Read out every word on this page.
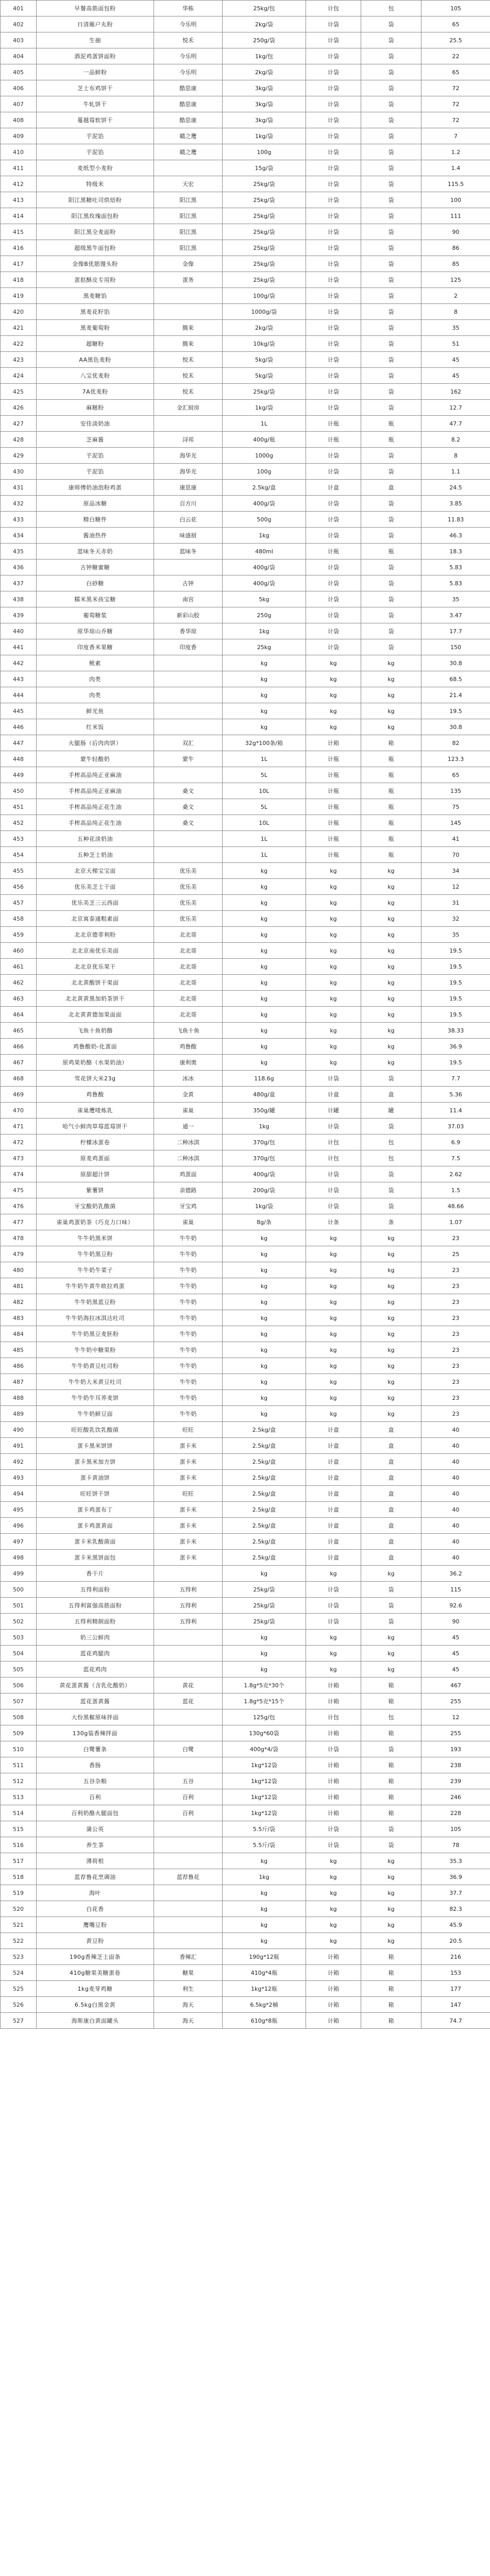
401	早餐高筋面包粉	华栋	25kg/包	计包	包	105
402	日清雁户丸粉	今乐明	2kg/袋	计袋	袋	65
403	生抽	悦禾	250g/袋	计袋	袋	25.5
404	酒泥鸡蛋饼面粉	今乐明	1kg/包	计袋	袋	22
405	一品鲜粉	今乐明	2kg/袋	计袋	袋	65
406	芝士布鸡饼干	酷思康	3kg/袋	计袋	袋	72
407	牛轧饼干	酷思康	3kg/袋	计袋	袋	72
408	蔓越莓软饼干	酷思康	3kg/袋	计袋	袋	72
409	芋泥馅	赣之鹰	1kg/袋	计袋	袋	7
410	芋泥馅	赣之鹰	100g	计袋	袋	1.2
411	麦纸型小麦粉		15g/袋	计袋	袋	1.4
412	特级米	天宏	25kg/袋	计袋	袋	115.5
413	阳江黑糖吐司烘焙粉	阳江黑	25kg/袋	计袋	袋	100
414	阳江黑玫瑰面包粉	阳江黑	25kg/袋	计袋	袋	111
415	阳江黑全麦面粉	阳江黑	25kg/袋	计袋	袋	90
416	超级黑牛面包粉	阳江黑	25kg/袋	计袋	袋	86
417	金像B优筋馒头粉	金像	25kg/袋	计袋	袋	85
418	蛋挞酥皮专用粉	蛋务	25kg/袋	计袋	袋	125
419	黑麦糖馅		100g/袋	计袋	袋	2
420	黑麦花籽馅		1000g/袋	计袋	袋	8
421	黑麦葡萄粉	腾来	2kg/袋	计袋	袋	35
422	超糖粉	腾来	10kg/袋	计袋	袋	51
423	AA黑色麦粉	悦禾	5kg/袋	计袋	袋	45
424	八宝优麦粉	悦禾	5kg/袋	计袋	袋	45
425	7A优麦粉	悦禾	25kg/袋	计袋	袋	162
426	麻糍粉	金汇厨房	1kg/袋	计袋	袋	12.7
427	安佳淡奶油		1L	计瓶	瓶	47.7
428	芝麻酱	浔邦	400g/瓶	计瓶	瓶	8.2
429	芋泥馅	海华光	1000g	计袋	袋	8
430	芋泥馅	海华光	100g	计袋	袋	1.1
431	康师傅奶油泡粉鸡蛋	康思康	2.5kg/盒	计盒	盒	24.5
432	原品冰糖	百方川	400g/袋	计袋	袋	3.85
433	精白糖件	白云花	500g	计袋	袋	11.83
434	酱油热件	味盛厨	1kg	计袋	袋	46.3
435	蓝味冬天赤奶	蓝味冬	480ml	计瓶	瓶	18.3
436	古钟糖蜜糖		400g/袋	计袋	袋	5.83
437	白砂糖	古钟	400g/袋	计袋	袋	5.83
438	糯米黑米孩宝糖	南宫	5kg	计袋	袋	35
439	葡萄糖浆	新彩山胶	250g	计袋	袋	3.47
440	原华琼山乔糖	香华琼	1kg	计袋	袋	17.7
441	印度香米果糖	印度香	25kg	计袋	袋	150
442	鱿素		kg	kg	kg	30.8
443	肉类		kg	kg	kg	68.5
444	肉类		kg	kg	kg	21.4
445	鲜光鱼		kg	kg	kg	19.5
446	红米饭		kg	kg	kg	30.8
447	火腿肠（后肉肉饼）	双汇	32g*100条/箱	计箱	箱	82
448	蒙牛轻酸奶	蒙牛	1L	计瓶	瓶	123.3
449	手榨高品纯正亚麻油		5L	计瓶	瓶	65
450	手榨高品纯正亚麻油	桑文	10L	计瓶	瓶	135
451	手榨高品纯正花生油	桑文	5L	计瓶	瓶	75
452	手榨高品纯正花生油	桑文	10L	计瓶	瓶	145
453	五种花淡奶油		1L	计瓶	瓶	41
454	五种芝士奶油		1L	计瓶	瓶	70
455	北京天梯宝宝面	优乐美	kg	kg	kg	34
456	优乐美芝士干面	优乐美	kg	kg	kg	12
457	优乐美芝三云西面	优乐美	kg	kg	kg	31
458	北京寓泰通粗素面	优乐美	kg	kg	kg	32
459	北北京德菲利粉	北北哥	kg	kg	kg	35
460	北北京南优乐美面	北北哥	kg	kg	kg	19.5
461	北北京优乐果干	北北哥	kg	kg	kg	19.5
462	北北黄酸饼干果面	北北哥	kg	kg	kg	19.5
463	北北黄黄黑加奶茶饼干	北北哥	kg	kg	kg	19.5
464	北北黄黄德加果面面	北北哥	kg	kg	kg	19.5
465	飞鱼十鱼奶酪	飞鱼十鱼	kg	kg	kg	38.33
466	鸡鲁酸奶-化蛋面	鸡鲁酸	kg	kg	kg	36.9
467	原鸡果奶酪（水果奶油）	康利奥	kg	kg	kg	19.5
468	雪花饼大米23g	冰冰	118.6g	计袋	袋	7.7
469	鸡鲁酸	金黄	480g/盒	计盒	盒	5.36
470	雀巢鹰唛炼乳	雀巢	350g/罐	计罐	罐	11.4
471	哈气小鲜肉草莓蓝莓饼干	通一	1kg	计袋	袋	37.03
472	柠檬冰蛋卷	二种冰淇	370g/包	计包	包	6.9
473	原麦鸡蛋面	二种冰淇	370g/包	计包	包	7.5
474	原甜超汁饼	鸡蛋面	400g/袋	计袋	袋	2.62
475	紫薯饼	亲德路	200g/袋	计袋	袋	1.5
476	牙宝酸奶乳酸菌	牙宝鸡	1kg/袋	计袋	袋	48.66
477	雀巢鸡蛋奶茶（巧克力口味）	雀巢	8g/条	计条	条	1.07
478	牛牛奶黑米饼	牛牛奶	kg	kg	kg	23
479	牛牛奶黑豆粉	牛牛奶	kg	kg	kg	25
480	牛牛奶牛菜子	牛牛奶	kg	kg	kg	23
481	牛牛奶牛黄牛欧拉鸡蛋	牛牛奶	kg	kg	kg	23
482	牛牛奶黑蓝豆粉	牛牛奶	kg	kg	kg	23
483	牛牛奶海拉冰淇达吐司	牛牛奶	kg	kg	kg	23
484	牛牛奶黑豆麦胚粉	牛牛奶	kg	kg	kg	23
485	牛牛奶中糖果粉	牛牛奶	kg	kg	kg	23
486	牛牛奶黄豆吐司粉	牛牛奶	kg	kg	kg	23
487	牛牛奶大米黄豆吐司	牛牛奶	kg	kg	kg	23
488	牛牛奶牛耳荞麦饼	牛牛奶	kg	kg	kg	23
489	牛牛奶鲜豆面	牛牛奶	kg	kg	kg	23
490	旺旺酸乳饮乳酸菌	旺旺	2.5kg/盒	计盒	盒	40
491	蛋卡黑米饼饼	蛋卡米	2.5kg/盒	计盒	盒	40
492	蛋卡黑米加方饼	蛋卡米	2.5kg/盒	计盒	盒	40
493	蛋卡黄油饼	蛋卡米	2.5kg/盒	计盒	盒	40
494	旺旺饼干饼	旺旺	2.5kg/盒	计盒	盒	40
495	蛋卡鸡蛋布丁	蛋卡米	2.5kg/盒	计盒	盒	40
496	蛋卡鸡蛋黄面	蛋卡米	2.5kg/盒	计盒	盒	40
497	蛋卡米乳酸菌面	蛋卡米	2.5kg/盒	计盒	盒	40
498	蛋卡米黑饼面包	蛋卡米	2.5kg/盒	计盒	盒	40
499	香干片		kg	kg	kg	36.2
500	五得利面粉	五得利	25kg/袋	计袋	袋	115
501	五得利富强高筋面粉	五得利	25kg/袋	计袋	袋	92.6
502	五得利精制面粉	五得利	25kg/袋	计袋	袋	90
503	奶三公鲜肉		kg	kg	kg	45
504	蓝花鸡腿肉		kg	kg	kg	45
505	蓝花鸡肉		kg	kg	kg	45
506	黄花蛋黄酱（含乳化酸奶）	黄花	1.8g*5克*30个	计箱	箱	467
507	蓝花蛋黄酱	蓝花	1.8g*5克*15个	计箱	箱	255
508	大份黑椒原味拌面		125g/包	计包	包	12
509	130g装香辣拌面		130g*60袋	计箱	箱	255
510	白鹭薯条	白鹭	400g*4/袋	计袋	袋	193
511	香肠		1kg*12袋	计箱	箱	238
512	五谷杂粮	五谷	1kg*12袋	计箱	箱	239
513	百利	百利	1kg*12袋	计箱	箱	246
514	百利奶酪火腿面包	百利	1kg*12袋	计箱	箱	228
515	蒲公英		5.5斤/袋	计袋	袋	105
516	养生茶		5.5斤/袋	计袋	袋	78
517	薄荷根		kg	kg	kg	35.3
518	蓝荐鲁花烹调油	蓝荐鲁花	1kg	kg	kg	36.9
519	海叶		kg	kg	kg	37.7
520	白花香		kg	kg	kg	82.3
521	鹰嘴豆粉		kg	kg	kg	45.9
522	黄豆粉		kg	kg	kg	20.5
523	190g香辣芝士面条	香辣汇	190g*12瓶	计箱	箱	216
524	410g糖果美糖蛋卷	糖果	410g*4瓶	计箱	箱	153
525	1kg麦芽鸡糖	利生	1kg*12瓶	计箱	箱	177
526	6.5kg白黑金黄	海天	6.5kg*2桶	计箱	箱	147
527	海斯康白黄面罐头	海天	610g*8瓶	计箱	箱	74.7
